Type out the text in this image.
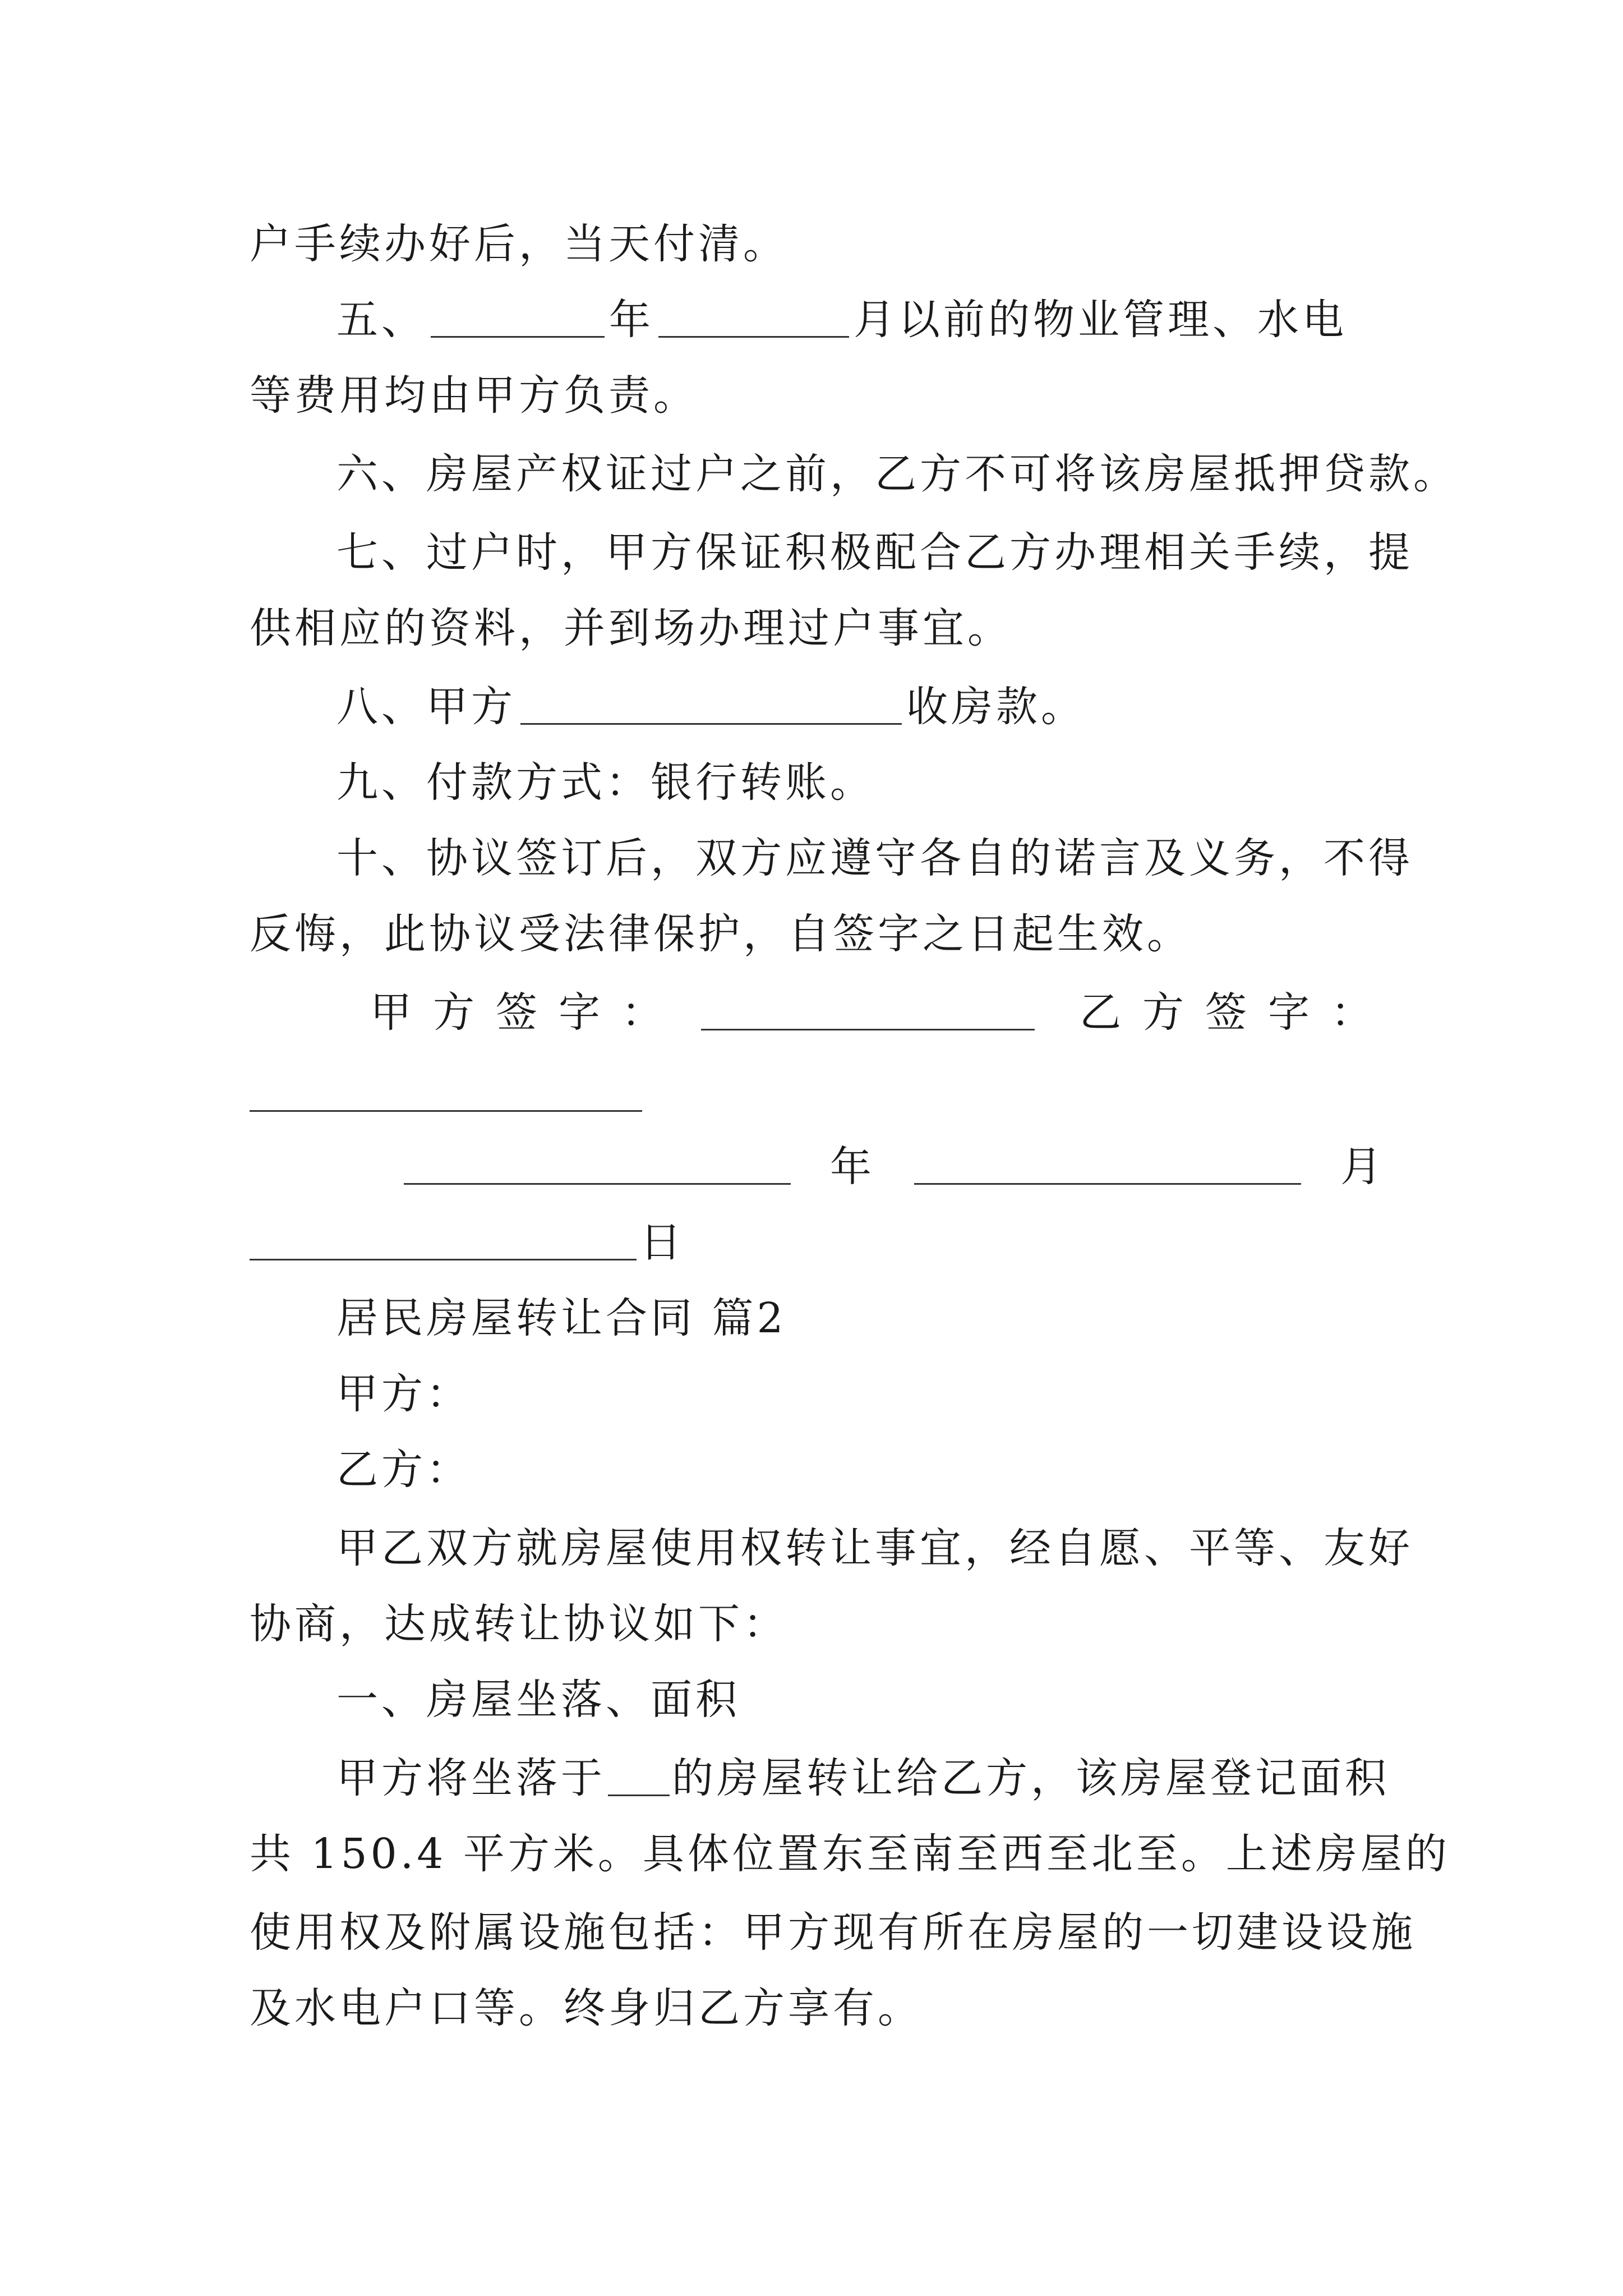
户手续办好后，当天付清。
五、	年	月以前的物业管理、水电
等费用均由甲方负责。
六、房屋产权证过户之前，乙方不可将该房屋抵押贷款。
七、过户时，甲方保证积极配合乙方办理相关手续，提
供相应的资料，并到场办理过户事宜。
八、甲方	收房款。
九、付款方式：银行转账。
十、协议签订后，双方应遵守各自的诺言及义务，不得
反悔，此协议受法律保护，自签字之日起生效。
甲方签字：	乙方签字：
年	月
日
居民房屋转让合同 篇2
甲方：
乙方：
甲乙双方就房屋使用权转让事宜，经自愿、平等、友好
协商，达成转让协议如下：
一、房屋坐落、面积
甲方将坐落于 的房屋转让给乙方，该房屋登记面积
共 150.4 平方米。具体位置东至南至西至北至。上述房屋的
使用权及附属设施包括：甲方现有所在房屋的一切建设设施
及水电户口等。终身归乙方享有。
